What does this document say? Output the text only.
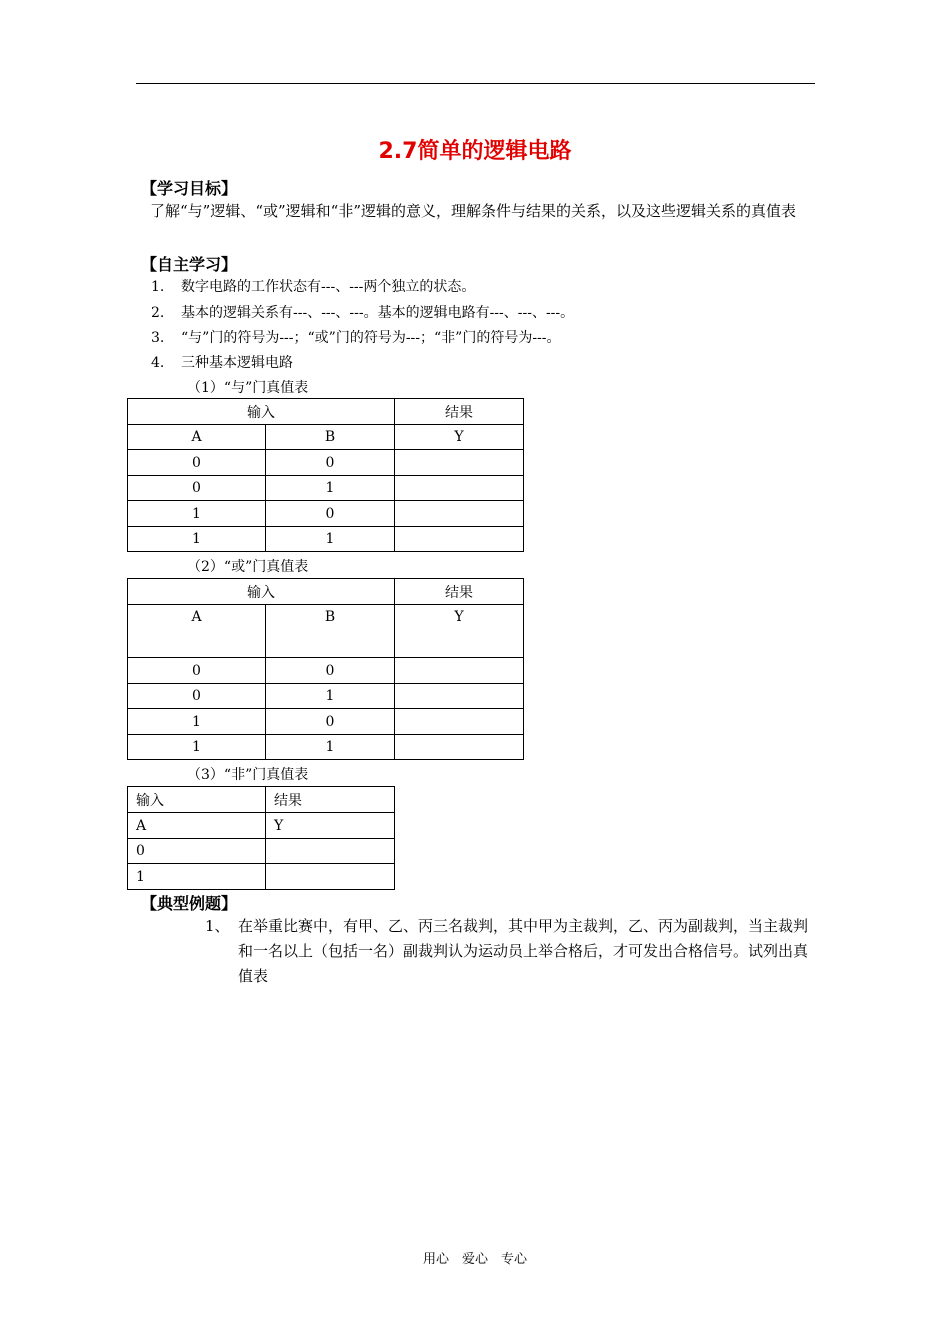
2.7简单的逻辑电路
【学习目标】
了解“与”逻辑、“或”逻辑和“非”逻辑的意义，理解条件与结果的关系，以及这些逻辑关系的真值表
【自主学习】
1. 数字电路的工作状态有---、---两个独立的状态。
2. 基本的逻辑关系有---、---、---。基本的逻辑电路有---、---、---。
3. “与”门的符号为---；“或”门的符号为---；“非”门的符号为---。
4. 三种基本逻辑电路
（1）“与”门真值表
输入		结果
A	B	Y
0	0	
0	1	
1	0	
1	1	
（2）“或”门真值表
输入		结果
A	B	Y
0	0	
0	1	
1	0	
1	1	
（3）“非”门真值表
输入	结果
A	Y
0	
1	
【典型例题】
1、 在举重比赛中，有甲、乙、丙三名裁判，其中甲为主裁判，乙、丙为副裁判，当主裁判和一名以上（包括一名）副裁判认为运动员上举合格后，才可发出合格信号。试列出真值表
用心　爱心　专心
